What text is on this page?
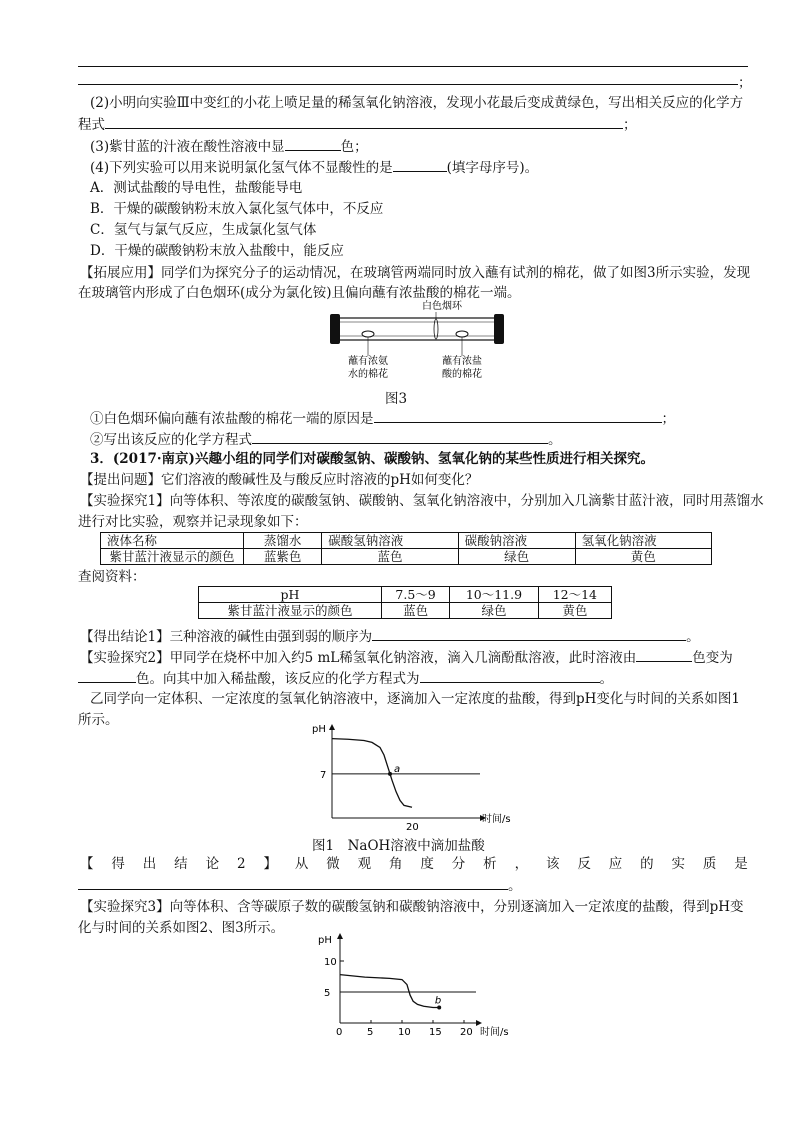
；
(2)小明向实验Ⅲ中变红的小花上喷足量的稀氢氧化钠溶液，发现小花最后变成黄绿色，写出相关反应的化学方
程式	；
(3)紫甘蓝的汁液在酸性溶液中显	色；
(4)下列实验可以用来说明氯化氢气体不显酸性的是	(填字母序号)。
A．测试盐酸的导电性，盐酸能导电
B．干燥的碳酸钠粉末放入氯化氢气体中，不反应
C．氢气与氯气反应，生成氯化氢气体
D．干燥的碳酸钠粉末放入盐酸中，能反应
【拓展应用】同学们为探究分子的运动情况，在玻璃管两端同时放入蘸有试剂的棉花，做了如图3所示实验，发现
在玻璃管内形成了白色烟环(成分为氯化铵)且偏向蘸有浓盐酸的棉花一端。
白色烟环
蘸有浓氨
水的棉花
蘸有浓盐
酸的棉花
图3
①白色烟环偏向蘸有浓盐酸的棉花一端的原因是	；
②写出该反应的化学方程式	。
3．(2017·南京)兴趣小组的同学们对碳酸氢钠、碳酸钠、氢氧化钠的某些性质进行相关探究。
【提出问题】它们溶液的酸碱性及与酸反应时溶液的pH如何变化？
【实验探究1】向等体积、等浓度的碳酸氢钠、碳酸钠、氢氧化钠溶液中，分别加入几滴紫甘蓝汁液，同时用蒸馏水
进行对比实验，观察并记录现象如下：
液体名称	蒸馏水	碳酸氢钠溶液	碳酸钠溶液	氢氧化钠溶液
紫甘蓝汁液显示的颜色	蓝紫色	蓝色	绿色	黄色
查阅资料：
pH	7.5～9	10～11.9	12～14
紫甘蓝汁液显示的颜色	蓝色	绿色	黄色
【得出结论1】三种溶液的碱性由强到弱的顺序为	。
【实验探究2】甲同学在烧杯中加入约5 mL稀氢氧化钠溶液，滴入几滴酚酞溶液，此时溶液由	色变为
色。向其中加入稀盐酸，该反应的化学方程式为	。
乙同学向一定体积、一定浓度的氢氧化钠溶液中，逐滴加入一定浓度的盐酸，得到pH变化与时间的关系如图1
所示。
pH
7
20
时间/s
a
图1　NaOH溶液中滴加盐酸
【 得 出 结 论 2 】 从 微 观 角 度 分 析 ， 该 反 应 的 实 质 是
。
【实验探究3】向等体积、含等碳原子数的碳酸氢钠和碳酸钠溶液中，分别逐滴加入一定浓度的盐酸，得到pH变
化与时间的关系如图2、图3所示。
pH
10
5
0 5 10 15 20 时间/s
b
